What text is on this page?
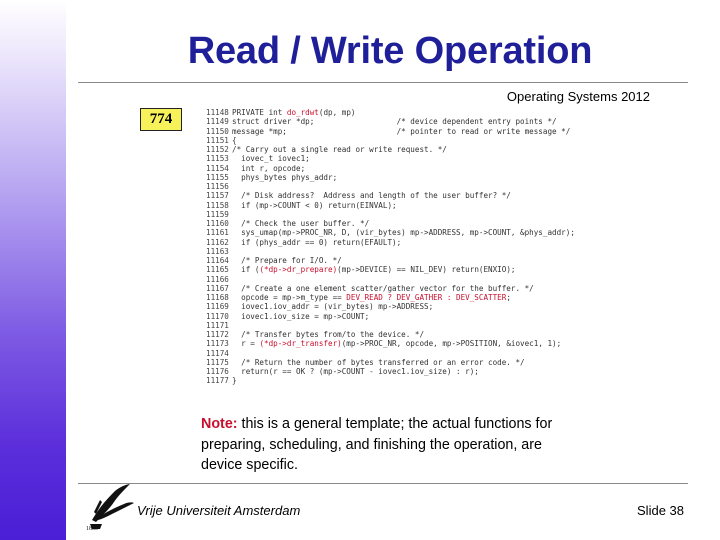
Read / Write Operation
Operating Systems 2012
774	11148 PRIVATE int do_rdwt(dp, mp)
11149 struct driver *dp;                  /* device dependent entry points */
11150 message *mp;                        /* pointer to read or write message */
11151 {
11152 /* Carry out a single read or write request. */
11153  iovec_t iovec1;
11154  int r, opcode;
11155  phys_bytes phys_addr;
11156
11157  /* Disk address?  Address and length of the user buffer? */
11158  if (mp->COUNT < 0) return(EINVAL);
11159
11160  /* Check the user buffer. */
11161  sys_umap(mp->PROC_NR, D, (vir_bytes) mp->ADDRESS, mp->COUNT, &phys_addr);
11162  if (phys_addr == 0) return(EFAULT);
11163
11164  /* Prepare for I/O. */
11165  if ((*dp->dr_prepare)(mp->DEVICE) == NIL_DEV) return(ENXIO);
11166
11167  /* Create a one element scatter/gather vector for the buffer. */
11168  opcode = mp->m_type == DEV_READ ? DEV_GATHER : DEV_SCATTER;
11169  iovec1.iov_addr = (vir_bytes) mp->ADDRESS;
11170  iovec1.iov_size = mp->COUNT;
11171
11172  /* Transfer bytes from/to the device. */
11173  r = (*dp->dr_transfer)(mp->PROC_NR, opcode, mp->POSITION, &iovec1, 1);
11174
11175  /* Return the number of bytes transferred or an error code. */
11176  return(r == OK ? (mp->COUNT - iovec1.iov_size) : r);
11177 }
Note: this is a general template; the actual functions for preparing, scheduling, and finishing the operation, are device specific.
1880
Vrije Universiteit Amsterdam	Slide 38
